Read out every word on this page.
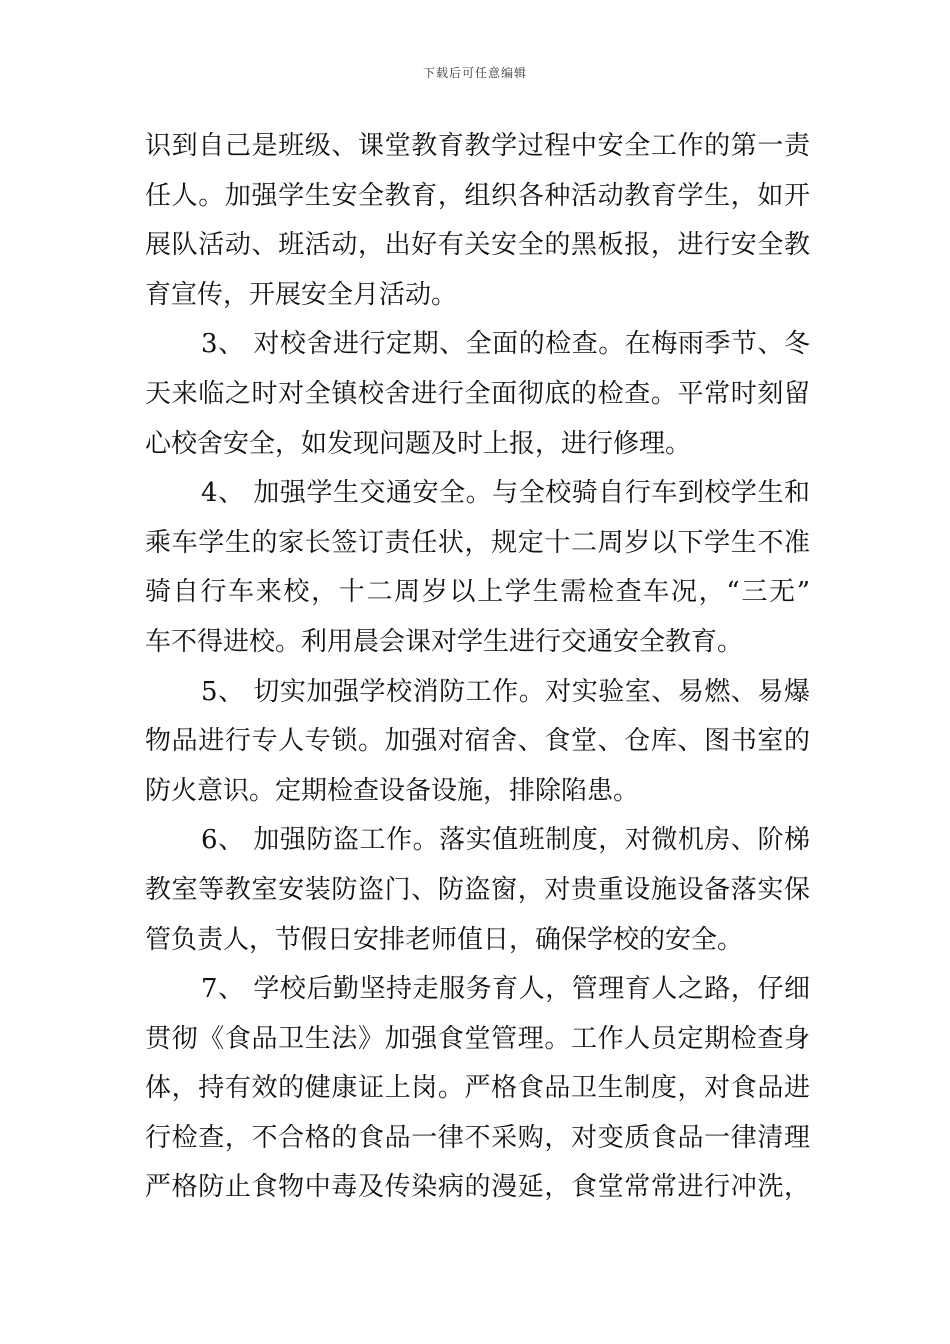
下载后可任意编辑
识到自己是班级、课堂教育教学过程中安全工作的第一责
任人。加强学生安全教育，组织各种活动教育学生，如开
展队活动、班活动，出好有关安全的黑板报，进行安全教
育宣传，开展安全月活动。
3、 对校舍进行定期、全面的检查。在梅雨季节、冬
天来临之时对全镇校舍进行全面彻底的检查。平常时刻留
心校舍安全，如发现问题及时上报，进行修理。
4、 加强学生交通安全。与全校骑自行车到校学生和
乘车学生的家长签订责任状，规定十二周岁以下学生不准
骑自行车来校，十二周岁以上学生需检查车况，“三无”
车不得进校。利用晨会课对学生进行交通安全教育。
5、 切实加强学校消防工作。对实验室、易燃、易爆
物品进行专人专锁。加强对宿舍、食堂、仓库、图书室的
防火意识。定期检查设备设施，排除陷患。
6、 加强防盗工作。落实值班制度，对微机房、阶梯
教室等教室安装防盗门、防盗窗，对贵重设施设备落实保
管负责人，节假日安排老师值日，确保学校的安全。
7、 学校后勤坚持走服务育人，管理育人之路，仔细
贯彻《食品卫生法》加强食堂管理。工作人员定期检查身
体，持有效的健康证上岗。严格食品卫生制度，对食品进
行检查，不合格的食品一律不采购，对变质食品一律清理
严格防止食物中毒及传染病的漫延，食堂常常进行冲洗，
